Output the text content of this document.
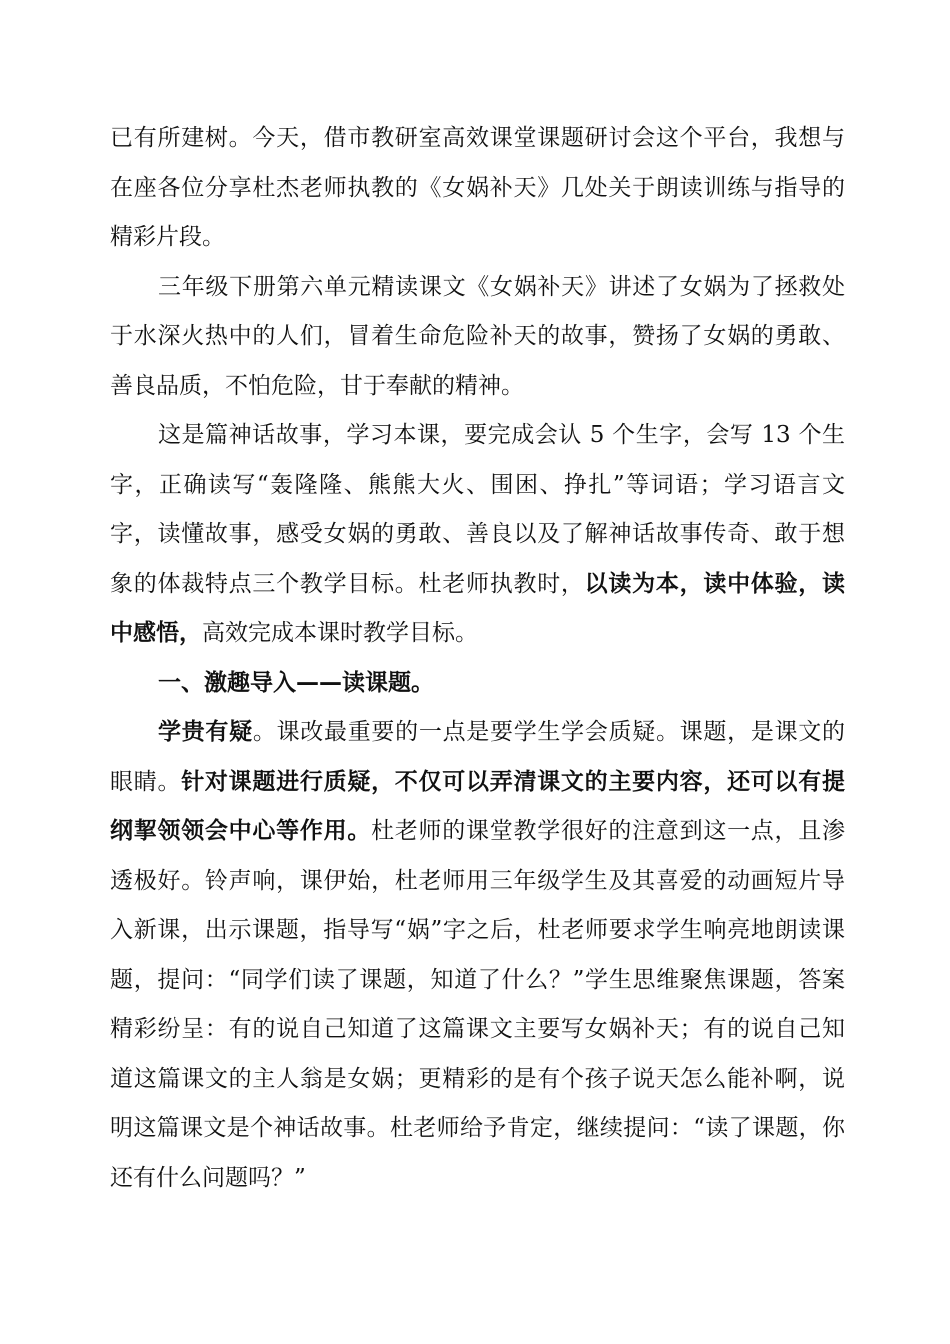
已有所建树。今天，借市教研室高效课堂课题研讨会这个平台，我想与在座各位分享杜杰老师执教的《女娲补天》几处关于朗读训练与指导的精彩片段。

三年级下册第六单元精读课文《女娲补天》讲述了女娲为了拯救处于水深火热中的人们，冒着生命危险补天的故事，赞扬了女娲的勇敢、善良品质，不怕危险，甘于奉献的精神。

这是篇神话故事，学习本课，要完成会认 5 个生字，会写 13 个生字，正确读写“轰隆隆、熊熊大火、围困、挣扎”等词语；学习语言文字，读懂故事，感受女娲的勇敢、善良以及了解神话故事传奇、敢于想象的体裁特点三个教学目标。杜老师执教时，以读为本，读中体验，读中感悟，高效完成本课时教学目标。

一、激趣导入——读课题。

学贵有疑。课改最重要的一点是要学生学会质疑。课题，是课文的眼睛。针对课题进行质疑，不仅可以弄清课文的主要内容，还可以有提纲挈领领会中心等作用。杜老师的课堂教学很好的注意到这一点，且渗透极好。铃声响，课伊始，杜老师用三年级学生及其喜爱的动画短片导入新课，出示课题，指导写“娲”字之后，杜老师要求学生响亮地朗读课题，提问：“同学们读了课题，知道了什么？”学生思维聚焦课题，答案精彩纷呈：有的说自己知道了这篇课文主要写女娲补天；有的说自己知道这篇课文的主人翁是女娲；更精彩的是有个孩子说天怎么能补啊，说明这篇课文是个神话故事。杜老师给予肯定，继续提问：“读了课题，你还有什么问题吗？”
